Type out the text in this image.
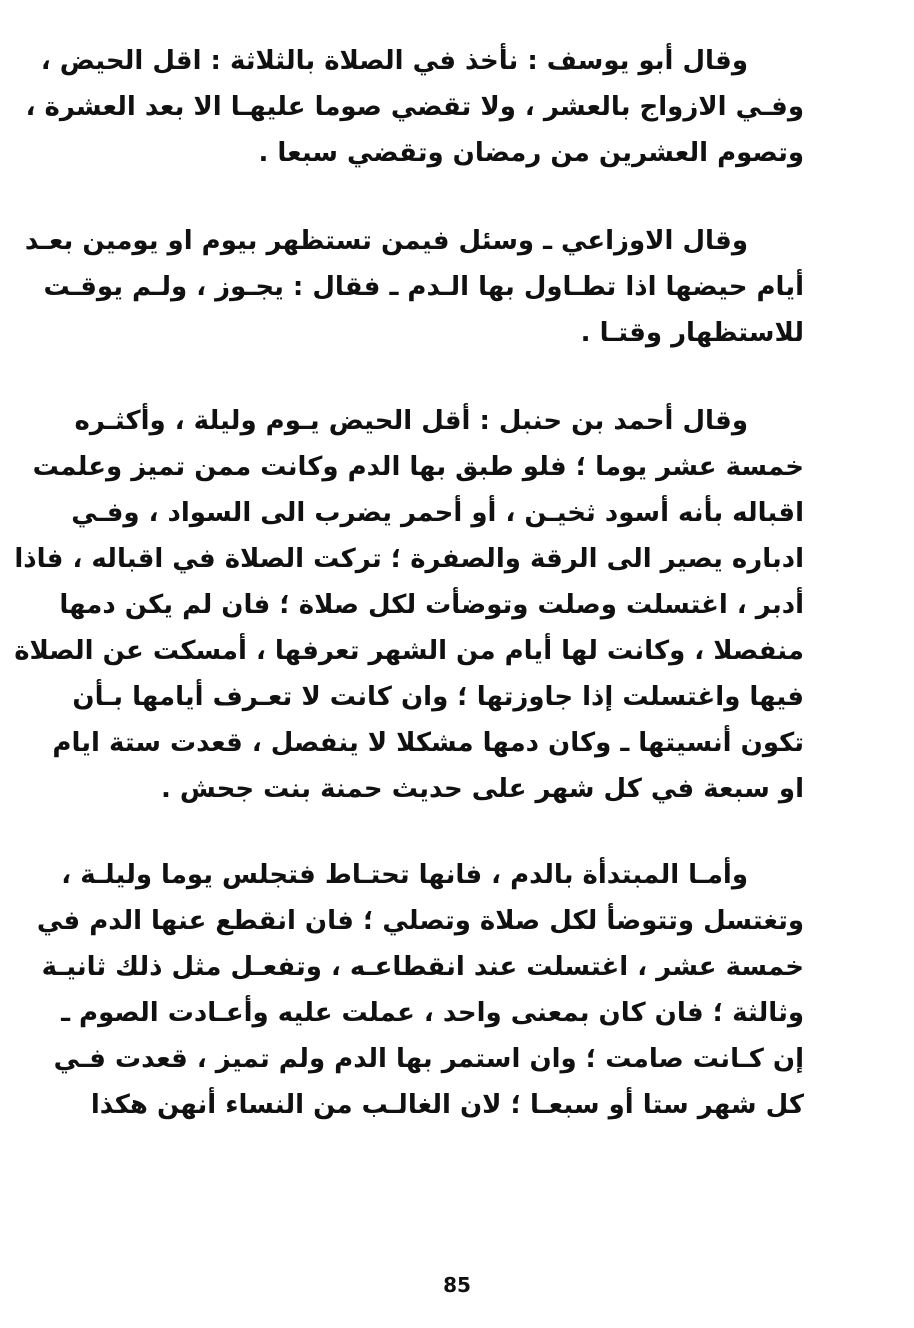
وقال أبو يوسف : نأخذ في الصلاة بالثلاثة : اقل الحيض ،
وفـي الازواج بالعشر ، ولا تقضي صوما عليهـا الا بعد العشرة ،
وتصوم العشرين من رمضان وتقضي سبعا .
وقال الاوزاعي ـ وسئل فيمن تستظهر بيوم او يومين بعـد
أيام حيضها اذا تطـاول بها الـدم ـ فقال : يجـوز ، ولـم يوقـت
للاستظهار وقتـا .
وقال أحمد بن حنبل : أقل الحيض يـوم وليلة ، وأكثـره
خمسة عشر يوما ؛ فلو طبق بها الدم وكانت ممن تميز وعلمت
اقباله بأنه أسود ثخيـن ، أو أحمر يضرب الى السواد ، وفـي
ادباره يصير الى الرقة والصفرة ؛ تركت الصلاة في اقباله ، فاذا
أدبر ، اغتسلت وصلت وتوضأت لكل صلاة ؛ فان لم يكن دمها
منفصلا ، وكانت لها أيام من الشهر تعرفها ، أمسكت عن الصلاة
فيها واغتسلت إذا جاوزتها ؛ وان كانت لا تعـرف أيامها بـأن
تكون أنسيتها ـ وكان دمها مشكلا لا ينفصل ، قعدت ستة ايام
او سبعة في كل شهر على حديث حمنة بنت جحش .
وأمـا المبتدأة بالدم ، فانها تحتـاط فتجلس يوما وليلـة ،
وتغتسل وتتوضأ لكل صلاة وتصلي ؛ فان انقطع عنها الدم في
خمسة عشر ، اغتسلت عند انقطاعـه ، وتفعـل مثل ذلك ثانيـة
وثالثة ؛ فان كان بمعنى واحد ، عملت عليه وأعـادت الصوم ـ
إن كـانت صامت ؛ وان استمر بها الدم ولم تميز ، قعدت فـي
كل شهر ستا أو سبعـا ؛ لان الغالـب من النساء أنهن هكذا
85
